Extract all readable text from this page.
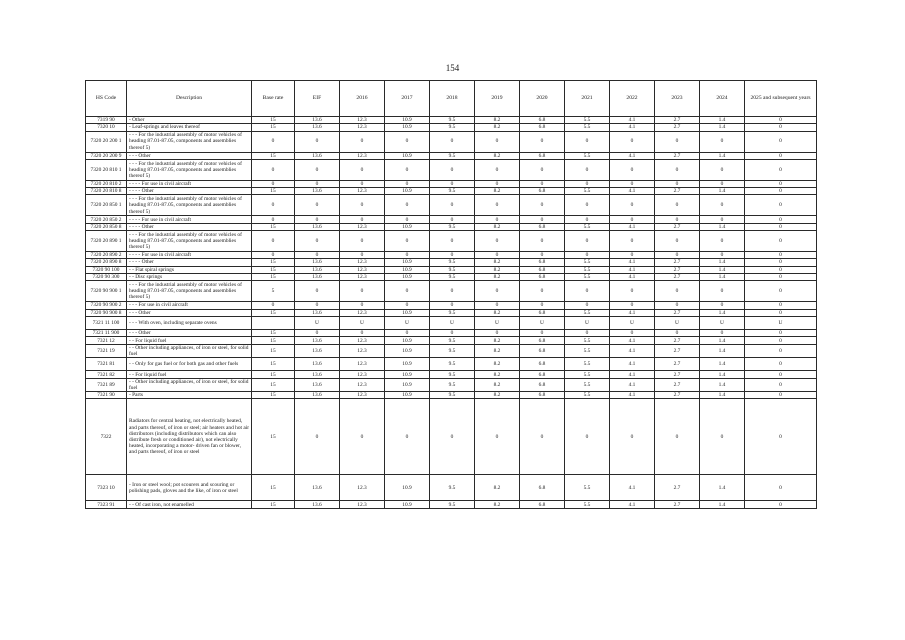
154
HS Code	Description	Base rate	EIF	2016	2017	2018	2019	2020	2021	2022	2023	2024	2025 and subsequent years
7319 90	- Other	15	13.6	12.3	10.9	9.5	8.2	6.8	5.5	4.1	2.7	1.4	0
7320 10	- Leaf-springs and leaves thereof	15	13.6	12.3	10.9	9.5	8.2	6.8	5.5	4.1	2.7	1.4	0
7320 20 200 1	- - - For the industrial assembly of motor vehicles of heading 87.01-87.05, components and assemblies thereof 5)	0	0	0	0	0	0	0	0	0	0	0	0
7320 20 200 9	- - - Other	15	13.6	12.3	10.9	9.5	8.2	6.8	5.5	4.1	2.7	1.4	0
7320 20 810 1	- - - For the industrial assembly of motor vehicles of heading 87.01-87.05, components and assemblies thereof 5)	0	0	0	0	0	0	0	0	0	0	0	0
7320 20 810 2	- - - - For use in civil aircraft	0	0	0	0	0	0	0	0	0	0	0	0
7320 20 810 8	- - - - Other	15	13.6	12.3	10.9	9.5	8.2	6.8	5.5	4.1	2.7	1.4	0
7320 20 850 1	- - - For the industrial assembly of motor vehicles of heading 87.01-87.05, components and assemblies thereof 5)	0	0	0	0	0	0	0	0	0	0	0	0
7320 20 850 2	- - - - For use in civil aircraft	0	0	0	0	0	0	0	0	0	0	0	0
7320 20 850 8	- - - - Other	15	13.6	12.3	10.9	9.5	8.2	6.8	5.5	4.1	2.7	1.4	0
7320 20 890 1	- - - For the industrial assembly of motor vehicles of heading 87.01-87.05, components and assemblies thereof 5)	0	0	0	0	0	0	0	0	0	0	0	0
7320 20 890 2	- - - - For use in civil aircraft	0	0	0	0	0	0	0	0	0	0	0	0
7320 20 890 8	- - - - Other	15	13.6	12.3	10.9	9.5	8.2	6.8	5.5	4.1	2.7	1.4	0
7320 90 100	- - Flat spiral springs	15	13.6	12.3	10.9	9.5	8.2	6.8	5.5	4.1	2.7	1.4	0
7320 90 300	- - Disc springs	15	13.6	12.3	10.9	9.5	8.2	6.8	5.5	4.1	2.7	1.4	0
7320 90 900 1	- - - For the industrial assembly of motor vehicles of heading 87.01-87.05, components and assemblies thereof 5)	5	0	0	0	0	0	0	0	0	0	0	0
7320 90 900 2	- - - For use in civil aircraft	0	0	0	0	0	0	0	0	0	0	0	0
7320 90 900 8	- - - Other	15	13.6	12.3	10.9	9.5	8.2	6.8	5.5	4.1	2.7	1.4	0
7321 11 100	- - - With oven, including separate ovens		U	U	U	U	U	U	U	U	U	U	U
7321 11 900	- - - Other	15	0	0	0	0	0	0	0	0	0	0	0
7321 12	- - For liquid fuel	15	13.6	12.3	10.9	9.5	8.2	6.8	5.5	4.1	2.7	1.4	0
7321 19	- - Other including appliances, of iron or steel, for solid fuel	15	13.6	12.3	10.9	9.5	8.2	6.8	5.5	4.1	2.7	1.4	0
7321 81	- - Only for gas fuel or for both gas and other fuels	15	13.6	12.3	10.9	9.5	8.2	6.8	5.5	4.1	2.7	1.4	0
7321 82	- - For liquid fuel	15	13.6	12.3	10.9	9.5	8.2	6.8	5.5	4.1	2.7	1.4	0
7321 89	- - Other including appliances, of iron or steel, for solid fuel	15	13.6	12.3	10.9	9.5	8.2	6.8	5.5	4.1	2.7	1.4	0
7321 90	- Parts	15	13.6	12.3	10.9	9.5	8.2	6.8	5.5	4.1	2.7	1.4	0
7322	Radiators for central heating, not electrically heated, and parts thereof, of iron or steel; air heaters and hot air distributors (including distributors which can also distribute fresh or conditioned air), not electrically heated, incorporating a motor- driven fan or blower, and parts thereof, of iron or steel	15	0	0	0	0	0	0	0	0	0	0	0
7323 10	- Iron or steel wool; pot scourers and scouring or polishing pads, gloves and the like, of iron or steel	15	13.6	12.3	10.9	9.5	8.2	6.8	5.5	4.1	2.7	1.4	0
7323 91	- - Of cast iron, not enamelled	15	13.6	12.3	10.9	9.5	8.2	6.8	5.5	4.1	2.7	1.4	0
